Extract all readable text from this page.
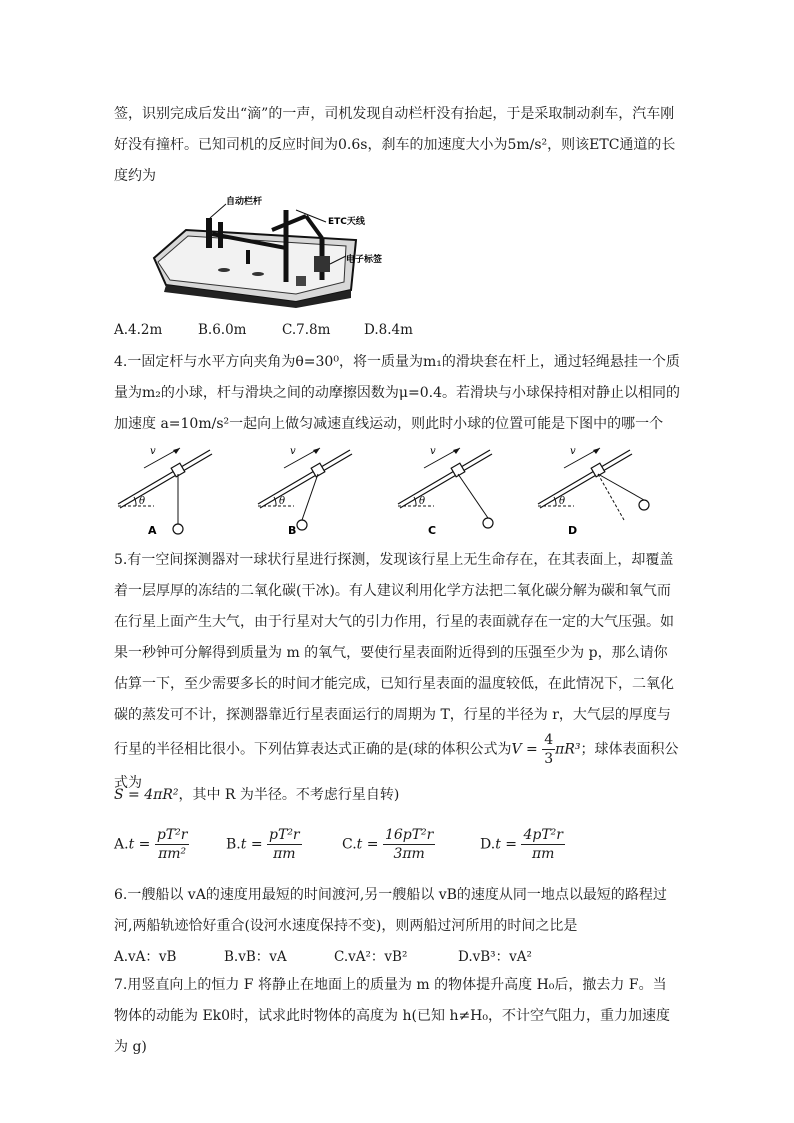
签，识别完成后发出“滴”的一声，司机发现自动栏杆没有抬起，于是采取制动刹车，汽车刚好没有撞杆。已知司机的反应时间为0.6s，刹车的加速度大小为5m/s²，则该ETC通道的长度约为
自动栏杆
ETC天线
电子标签
A.4.2m	B.6.0m	C.7.8m D.8.4m
4.一固定杆与水平方向夹角为θ=30⁰，将一质量为m₁的滑块套在杆上，通过轻绳悬挂一个质量为m₂的小球，杆与滑块之间的动摩擦因数为μ=0.4。若滑块与小球保持相对静止以相同的加速度 a=10m/s²一起向上做匀减速直线运动，则此时小球的位置可能是下图中的哪一个
θ
v
A
θ
v
B
θ
v
C
θ
v
D
5.有一空间探测器对一球状行星进行探测，发现该行星上无生命存在，在其表面上，却覆盖着一层厚厚的冻结的二氧化碳(干冰)。有人建议利用化学方法把二氧化碳分解为碳和氧气而在行星上面产生大气，由于行星对大气的引力作用，行星的表面就存在一定的大气压强。如果一秒钟可分解得到质量为 m 的氧气，要使行星表面附近得到的压强至少为 p，那么请你估算一下，至少需要多长的时间才能完成，已知行星表面的温度较低，在此情况下，二氧化碳的蒸发可不计，探测器靠近行星表面运行的周期为 T，行星的半径为 r，大气层的厚度与行星的半径相比很小。下列估算表达式正确的是(球的体积公式为$V = \frac{4}{3} \pi R^3$；球体表面积公式为
S = 4πR²，其中 R 为半径。不考虑行星自转)
$A.t = \frac{\text{pT²r}}{\text{πm²}}$	$B.t = \frac{\text{pT²r}}{\pi m}$	$C.t = \frac{\text{16pT²r}}{3\pi m}$	$D.t = \frac{\text{4pT²r}}{\pi m}$
6.一艘船以 vA的速度用最短的时间渡河,另一艘船以 vB的速度从同一地点以最短的路程过河,两船轨迹恰好重合(设河水速度保持不变)，则两船过河所用的时间之比是
A.vA：vB	B.vB：vA	C.vA²：vB²	D.vB³：vA²
7.用竖直向上的恒力 F 将静止在地面上的质量为 m 的物体提升高度 H₀后，撤去力 F。当物体的动能为 Ek0时，试求此时物体的高度为 h(已知 h≠H₀，不计空气阻力，重力加速度为 g)
